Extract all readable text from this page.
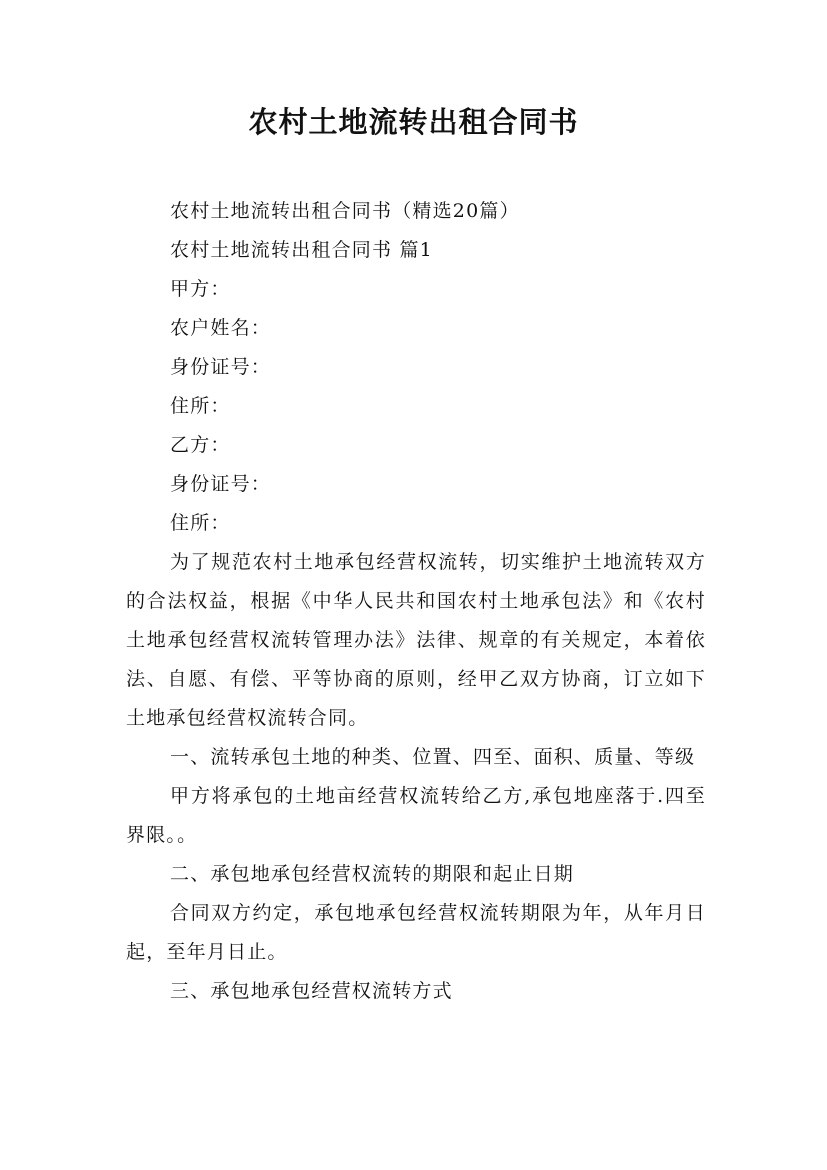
农村土地流转出租合同书
农村土地流转出租合同书（精选20篇）
农村土地流转出租合同书 篇1
甲方：
农户姓名：
身份证号：
住所：
乙方：
身份证号：
住所：
为了规范农村土地承包经营权流转，切实维护土地流转双方的合法权益，根据《中华人民共和国农村土地承包法》和《农村土地承包经营权流转管理办法》法律、规章的有关规定，本着依法、自愿、有偿、平等协商的原则，经甲乙双方协商，订立如下土地承包经营权流转合同。
一、流转承包土地的种类、位置、四至、面积、质量、等级
甲方将承包的土地亩经营权流转给乙方,承包地座落于.四至界限。。
二、承包地承包经营权流转的期限和起止日期
合同双方约定，承包地承包经营权流转期限为年，从年月日起，至年月日止。
三、承包地承包经营权流转方式
